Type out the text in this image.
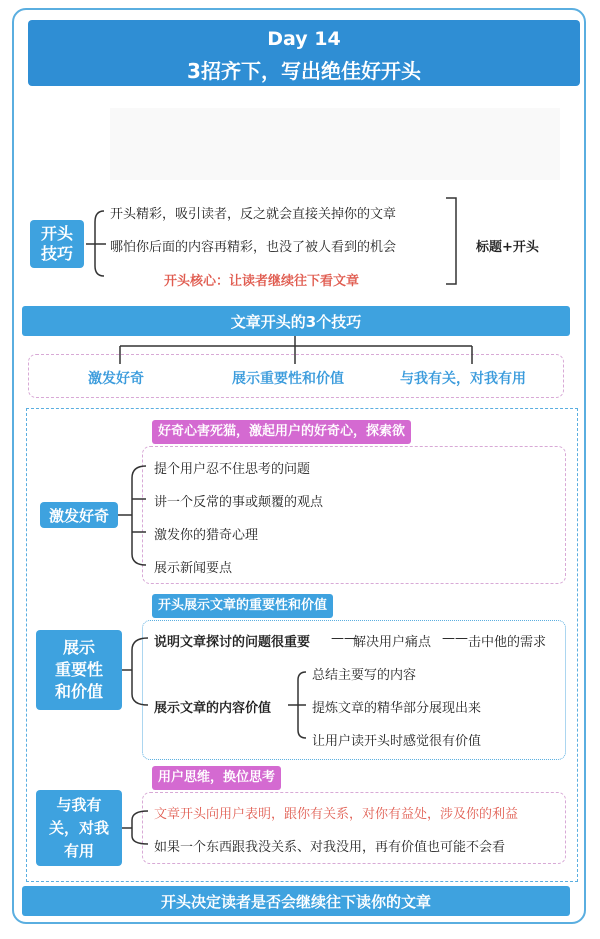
Day 14
3招齐下，写出绝佳好开头
开头
技巧
开头精彩，吸引读者，反之就会直接关掉你的文章
哪怕你后面的内容再精彩，也没了被人看到的机会
开头核心：让读者继续往下看文章
标题+开头
文章开头的3个技巧
激发好奇	展示重要性和价值	与我有关，对我有用
好奇心害死猫，激起用户的好奇心，探索欲
激发好奇
提个用户忍不住思考的问题
讲一个反常的事或颠覆的观点
激发你的猎奇心理
展示新闻要点
开头展示文章的重要性和价值
展示
重要性
和价值
说明文章探讨的问题很重要 ——
解决用户痛点 —— 击中他的需求
展示文章的内容价值
总结主要写的内容
提炼文章的精华部分展现出来
让用户读开头时感觉很有价值
用户思维，换位思考
与我有
关，对我
有用
文章开头向用户表明，跟你有关系，对你有益处，涉及你的利益
如果一个东西跟我没关系、对我没用，再有价值也可能不会看
开头决定读者是否会继续往下读你的文章
